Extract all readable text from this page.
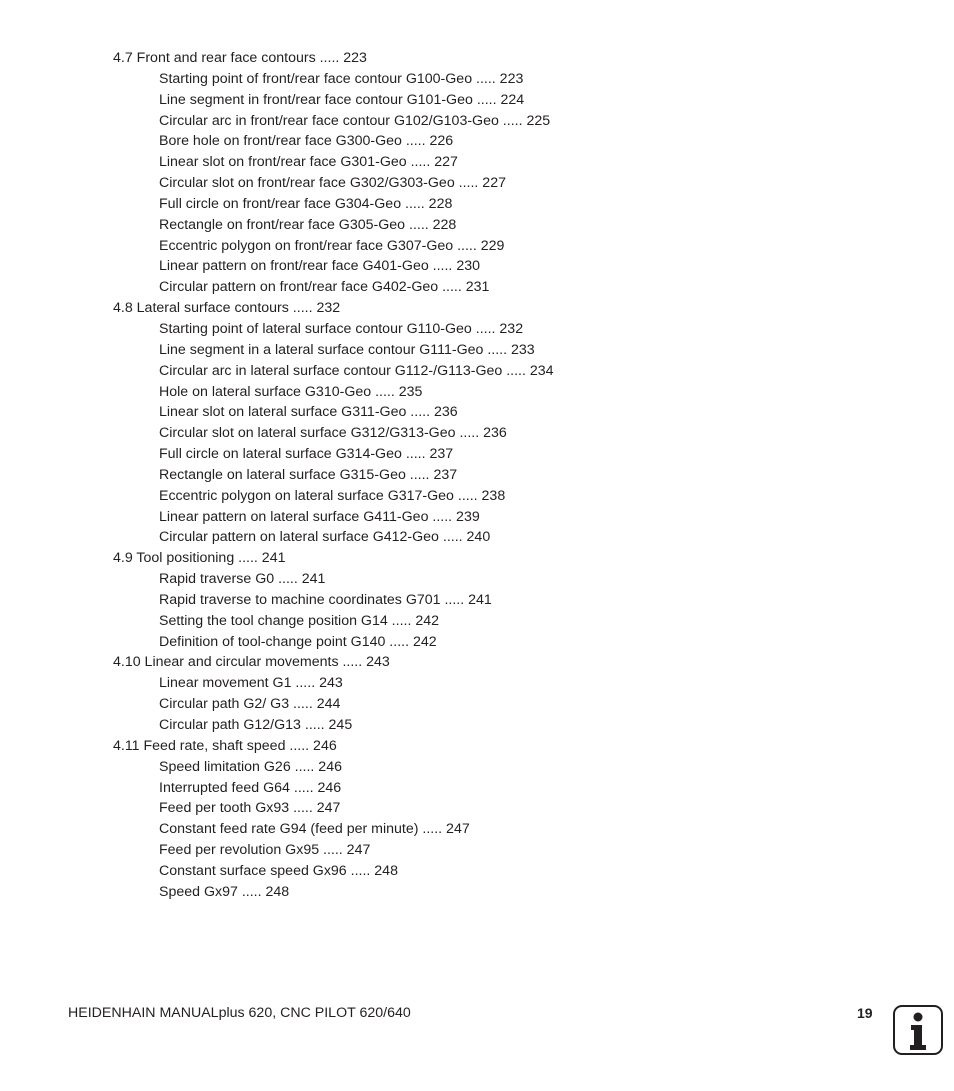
4.7 Front and rear face contours ..... 223
Starting point of front/rear face contour G100-Geo ..... 223
Line segment in front/rear face contour G101-Geo ..... 224
Circular arc in front/rear face contour G102/G103-Geo ..... 225
Bore hole on front/rear face G300-Geo ..... 226
Linear slot on front/rear face G301-Geo ..... 227
Circular slot on front/rear face G302/G303-Geo ..... 227
Full circle on front/rear face G304-Geo ..... 228
Rectangle on front/rear face G305-Geo ..... 228
Eccentric polygon on front/rear face G307-Geo ..... 229
Linear pattern on front/rear face G401-Geo ..... 230
Circular pattern on front/rear face G402-Geo ..... 231
4.8 Lateral surface contours ..... 232
Starting point of lateral surface contour G110-Geo ..... 232
Line segment in a lateral surface contour G111-Geo ..... 233
Circular arc in lateral surface contour G112-/G113-Geo ..... 234
Hole on lateral surface G310-Geo ..... 235
Linear slot on lateral surface G311-Geo ..... 236
Circular slot on lateral surface G312/G313-Geo ..... 236
Full circle on lateral surface G314-Geo ..... 237
Rectangle on lateral surface G315-Geo ..... 237
Eccentric polygon on lateral surface G317-Geo ..... 238
Linear pattern on lateral surface G411-Geo ..... 239
Circular pattern on lateral surface G412-Geo ..... 240
4.9 Tool positioning ..... 241
Rapid traverse G0 ..... 241
Rapid traverse to machine coordinates G701 ..... 241
Setting the tool change position G14 ..... 242
Definition of tool-change point G140 ..... 242
4.10 Linear and circular movements ..... 243
Linear movement G1 ..... 243
Circular path G2/ G3 ..... 244
Circular path G12/G13 ..... 245
4.11 Feed rate, shaft speed ..... 246
Speed limitation G26 ..... 246
Interrupted feed G64 ..... 246
Feed per tooth Gx93 ..... 247
Constant feed rate G94 (feed per minute) ..... 247
Feed per revolution Gx95 ..... 247
Constant surface speed Gx96 ..... 248
Speed Gx97 ..... 248
HEIDENHAIN MANUALplus 620, CNC PILOT 620/640	19
